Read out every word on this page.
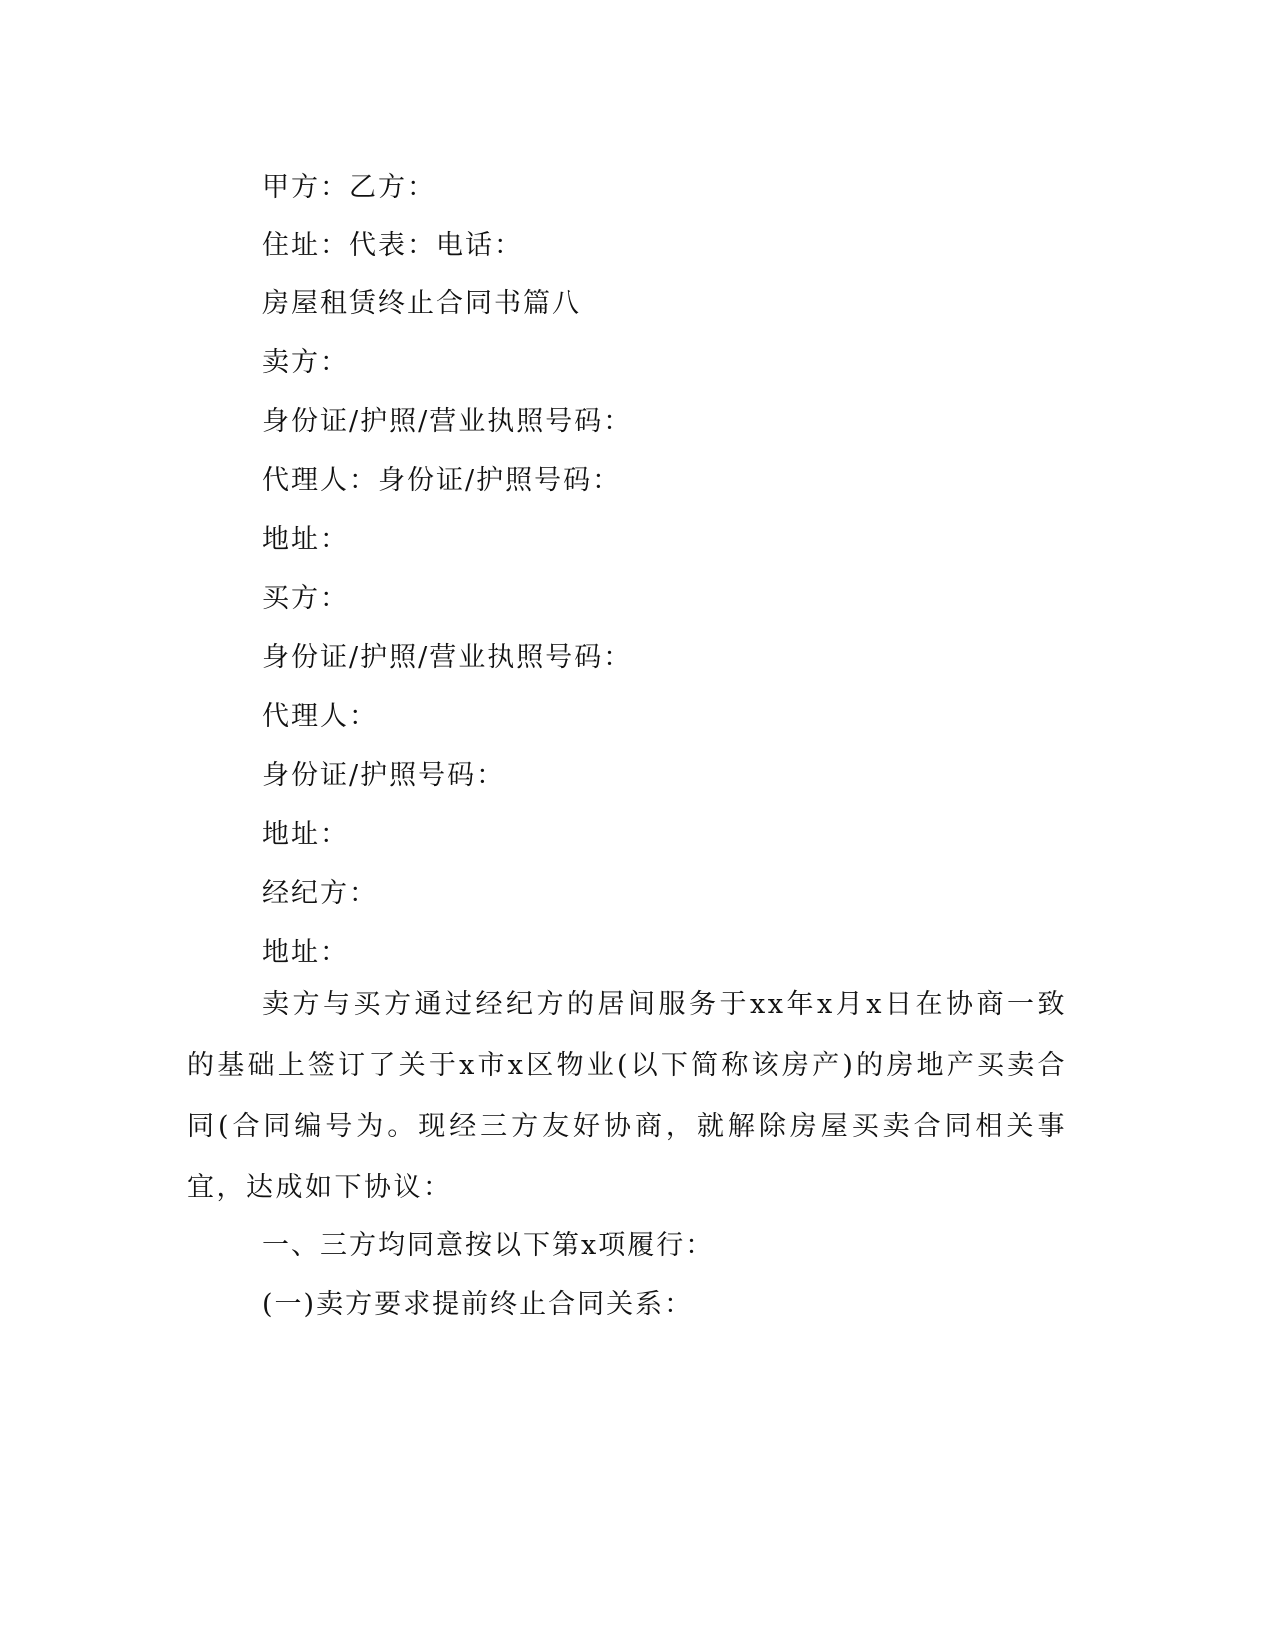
甲方：乙方：
住址：代表：电话：
房屋租赁终止合同书篇八
卖方：
身份证/护照/营业执照号码：
代理人：身份证/护照号码：
地址：
买方：
身份证/护照/营业执照号码：
代理人：
身份证/护照号码：
地址：
经纪方：
地址：
卖方与买方通过经纪方的居间服务于xx年x月x日在协商一致的基础上签订了关于x市x区物业(以下简称该房产)的房地产买卖合同(合同编号为。现经三方友好协商，就解除房屋买卖合同相关事宜，达成如下协议：
一、三方均同意按以下第x项履行：
(一)卖方要求提前终止合同关系：
